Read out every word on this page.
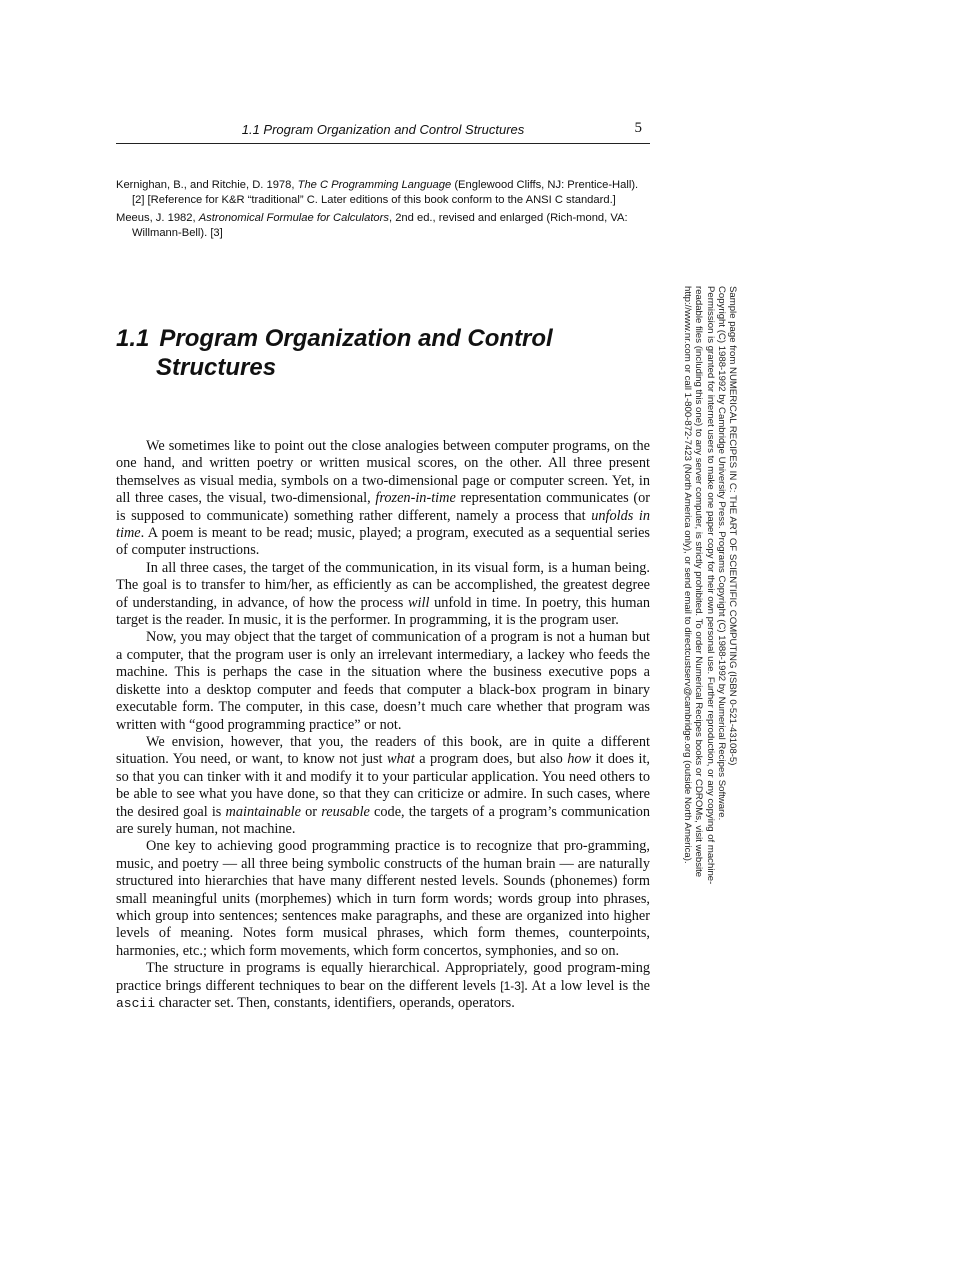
1.1 Program Organization and Control Structures	5

Kernighan, B., and Ritchie, D. 1978, The C Programming Language (Englewood Cliffs, NJ: Prentice-Hall). [2] [Reference for K&R “traditional” C. Later editions of this book conform to the ANSI C standard.]

Meeus, J. 1982, Astronomical Formulae for Calculators, 2nd ed., revised and enlarged (Rich-mond, VA: Willmann-Bell). [3]

1.1 Program Organization and Control
Structures

We sometimes like to point out the close analogies between computer programs, on the one hand, and written poetry or written musical scores, on the other. All three present themselves as visual media, symbols on a two-dimensional page or computer screen. Yet, in all three cases, the visual, two-dimensional, frozen-in-time representation communicates (or is supposed to communicate) something rather different, namely a process that unfolds in time. A poem is meant to be read; music, played; a program, executed as a sequential series of computer instructions.

In all three cases, the target of the communication, in its visual form, is a human being. The goal is to transfer to him/her, as efficiently as can be accomplished, the greatest degree of understanding, in advance, of how the process will unfold in time. In poetry, this human target is the reader. In music, it is the performer. In programming, it is the program user.

Now, you may object that the target of communication of a program is not a human but a computer, that the program user is only an irrelevant intermediary, a lackey who feeds the machine. This is perhaps the case in the situation where the business executive pops a diskette into a desktop computer and feeds that computer a black-box program in binary executable form. The computer, in this case, doesn’t much care whether that program was written with “good programming practice” or not.

We envision, however, that you, the readers of this book, are in quite a different situation. You need, or want, to know not just what a program does, but also how it does it, so that you can tinker with it and modify it to your particular application. You need others to be able to see what you have done, so that they can criticize or admire. In such cases, where the desired goal is maintainable or reusable code, the targets of a program’s communication are surely human, not machine.

One key to achieving good programming practice is to recognize that pro-gramming, music, and poetry — all three being symbolic constructs of the human brain — are naturally structured into hierarchies that have many different nested levels. Sounds (phonemes) form small meaningful units (morphemes) which in turn form words; words group into phrases, which group into sentences; sentences make paragraphs, and these are organized into higher levels of meaning. Notes form musical phrases, which form themes, counterpoints, harmonies, etc.; which form movements, which form concertos, symphonies, and so on.

The structure in programs is equally hierarchical. Appropriately, good program-ming practice brings different techniques to bear on the different levels [1-3]. At a low level is the ascii character set. Then, constants, identifiers, operands, operators.

Sample page from NUMERICAL RECIPES IN C: THE ART OF SCIENTIFIC COMPUTING (ISBN 0-521-43108-5)
Copyright (C) 1988-1992 by Cambridge University Press. Programs Copyright (C) 1988-1992 by Numerical Recipes Software.
Permission is granted for internet users to make one paper copy for their own personal use. Further reproduction, or any copying of machine-
readable files (including this one) to any server computer, is strictly prohibited. To order Numerical Recipes books or CDROMs, visit website
http://www.nr.com or call 1-800-872-7423 (North America only), or send email to directcustserv@cambridge.org (outside North America).
